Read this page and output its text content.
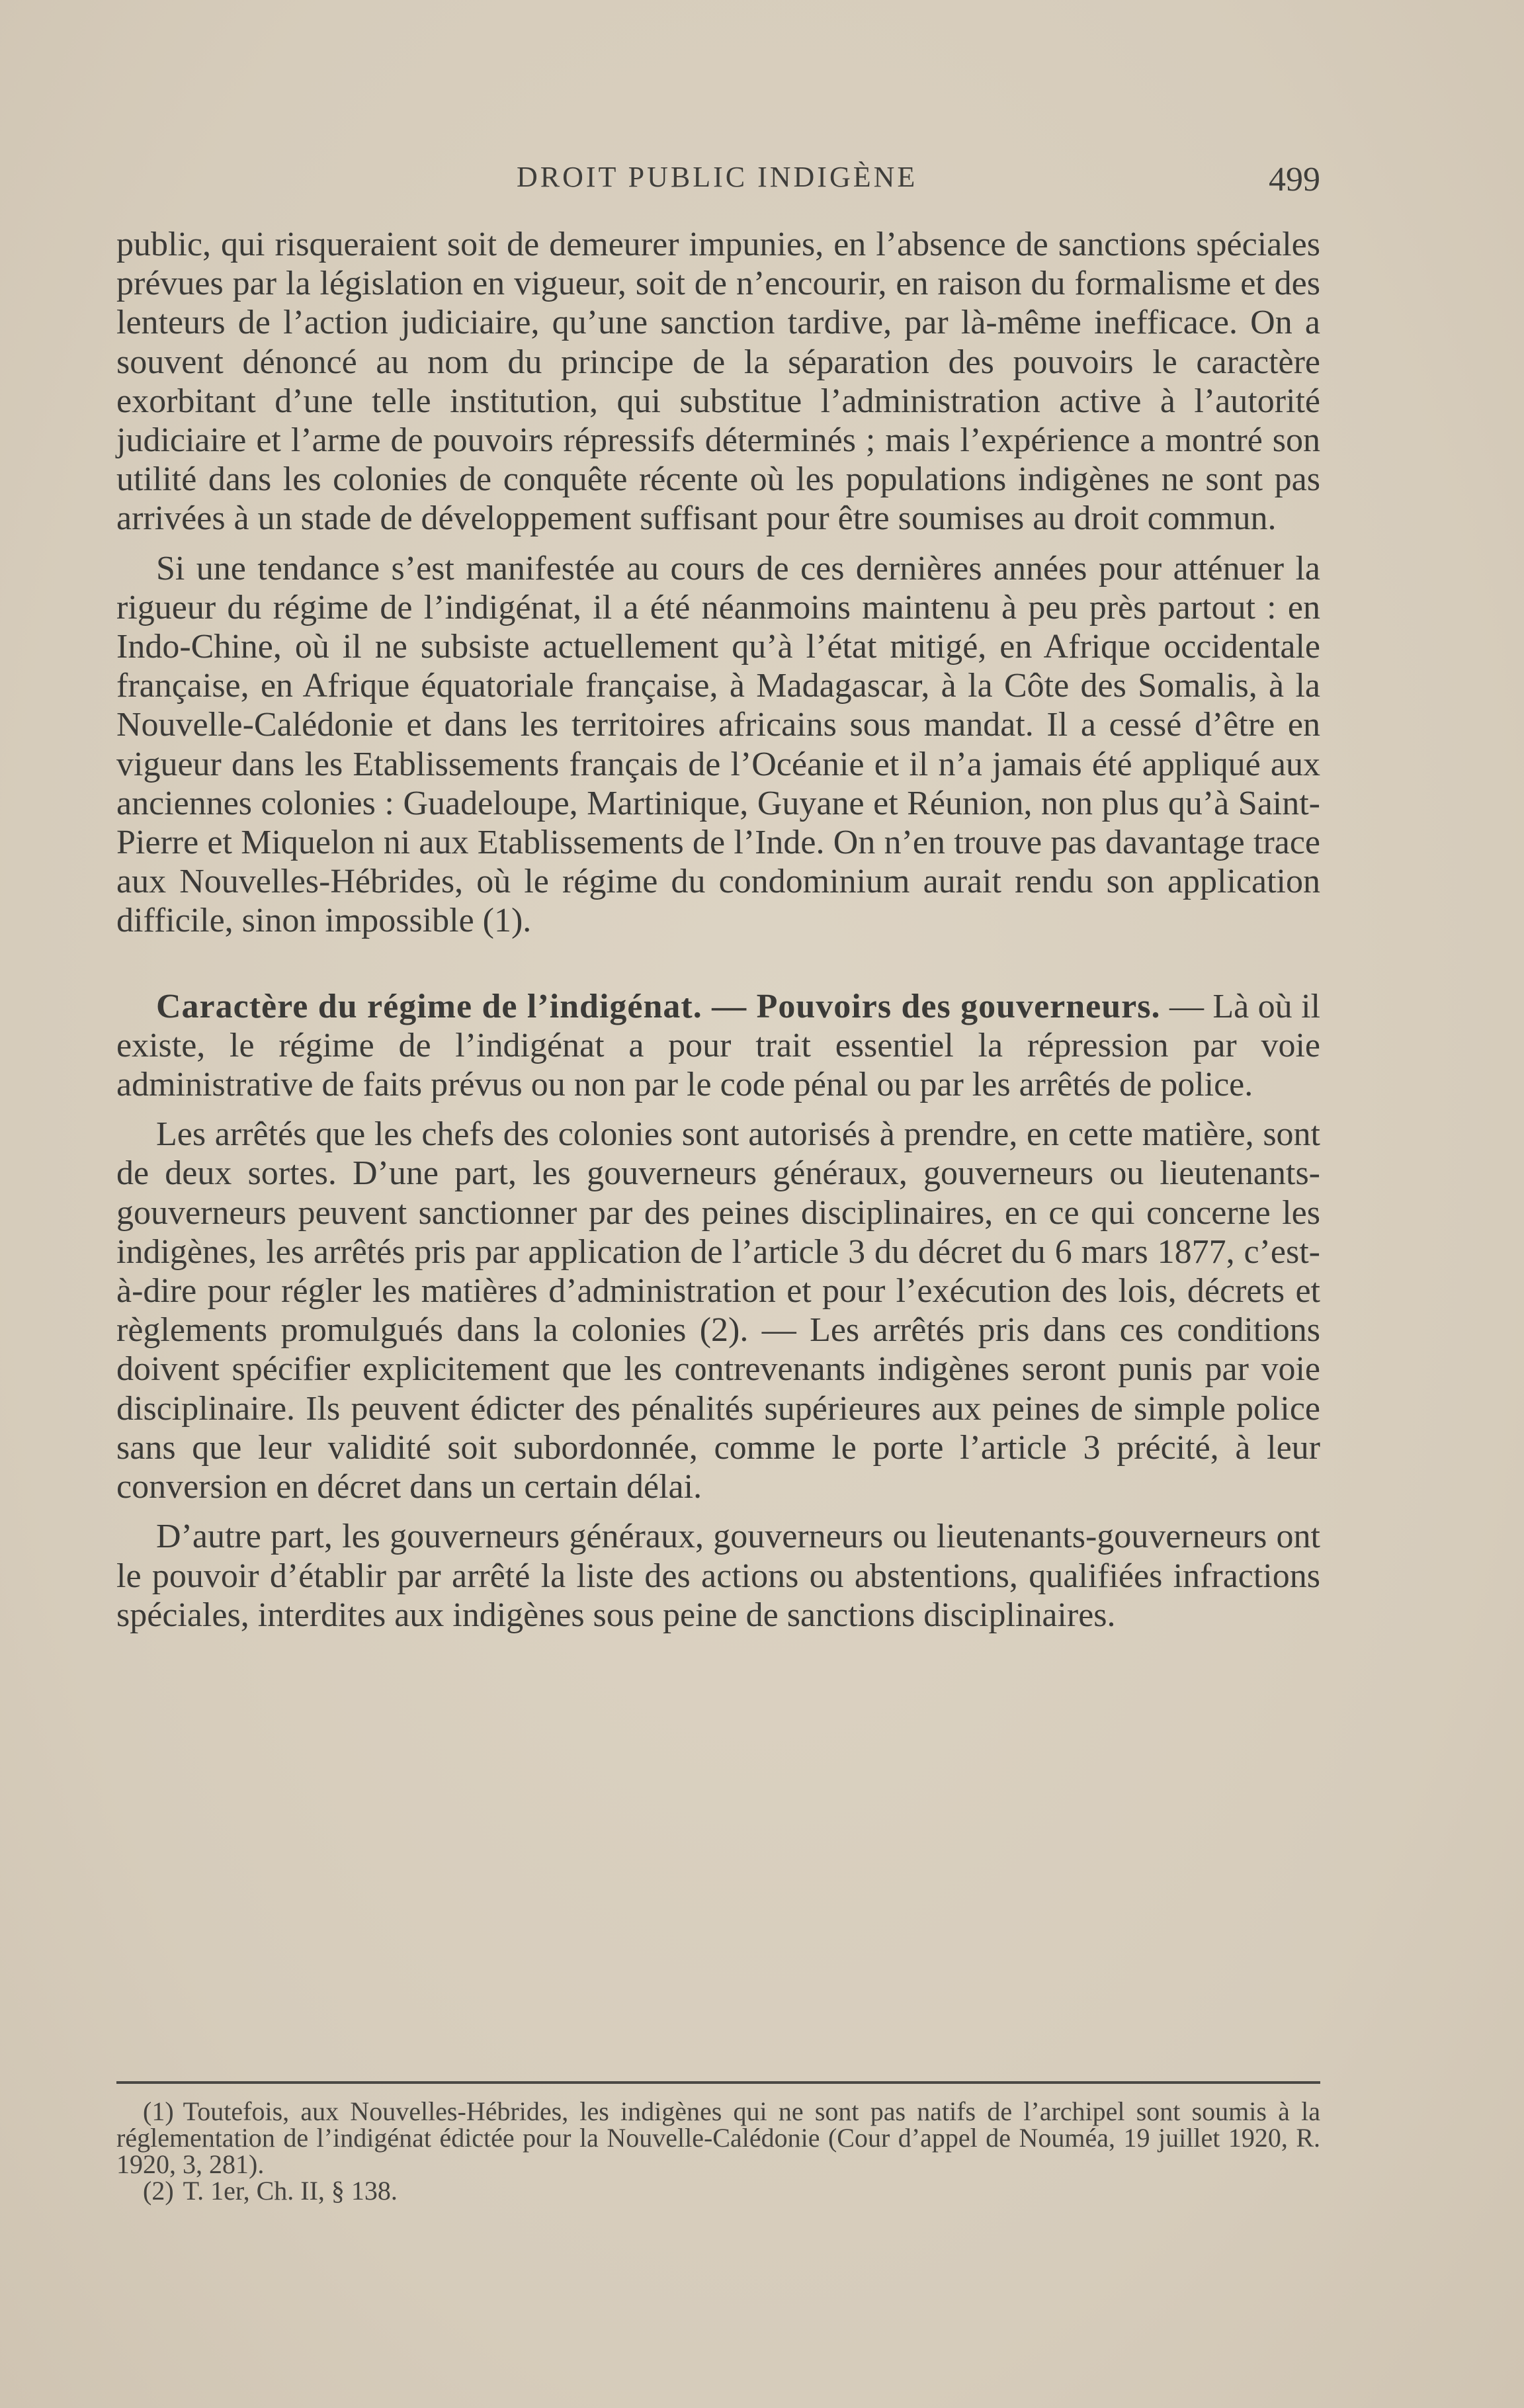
DROIT PUBLIC INDIGÈNE	499

public, qui risqueraient soit de demeurer impunies, en l’absence de sanctions spéciales prévues par la législation en vigueur, soit de n’encourir, en raison du formalisme et des lenteurs de l’action judiciaire, qu’une sanction tardive, par là-même inefficace. On a souvent dénoncé au nom du principe de la séparation des pouvoirs le caractère exorbitant d’une telle institution, qui substitue l’administration active à l’autorité judiciaire et l’arme de pouvoirs répressifs déterminés ; mais l’expérience a montré son utilité dans les colonies de conquête récente où les populations indigènes ne sont pas arrivées à un stade de développement suffisant pour être soumises au droit commun.

Si une tendance s’est manifestée au cours de ces dernières années pour atténuer la rigueur du régime de l’indigénat, il a été néanmoins maintenu à peu près partout : en Indo-Chine, où il ne subsiste actuellement qu’à l’état mitigé, en Afrique occidentale française, en Afrique équatoriale française, à Madagascar, à la Côte des Somalis, à la Nouvelle-Calédonie et dans les territoires africains sous mandat. Il a cessé d’être en vigueur dans les Etablissements français de l’Océanie et il n’a jamais été appliqué aux anciennes colonies : Guadeloupe, Martinique, Guyane et Réunion, non plus qu’à Saint-Pierre et Miquelon ni aux Etablissements de l’Inde. On n’en trouve pas davantage trace aux Nouvelles-Hébrides, où le régime du condominium aurait rendu son application difficile, sinon impossible (1).

Caractère du régime de l’indigénat. — Pouvoirs des gouverneurs. — Là où il existe, le régime de l’indigénat a pour trait essentiel la répression par voie administrative de faits prévus ou non par le code pénal ou par les arrêtés de police.

Les arrêtés que les chefs des colonies sont autorisés à prendre, en cette matière, sont de deux sortes. D’une part, les gouverneurs généraux, gouverneurs ou lieutenants-gouverneurs peuvent sanctionner par des peines disciplinaires, en ce qui concerne les indigènes, les arrêtés pris par application de l’article 3 du décret du 6 mars 1877, c’est-à-dire pour régler les matières d’administration et pour l’exécution des lois, décrets et règlements promulgués dans la colonies (2). — Les arrêtés pris dans ces conditions doivent spécifier explicitement que les contrevenants indigènes seront punis par voie disciplinaire. Ils peuvent édicter des pénalités supérieures aux peines de simple police sans que leur validité soit subordonnée, comme le porte l’article 3 précité, à leur conversion en décret dans un certain délai.

D’autre part, les gouverneurs généraux, gouverneurs ou lieutenants-gouverneurs ont le pouvoir d’établir par arrêté la liste des actions ou abstentions, qualifiées infractions spéciales, interdites aux indigènes sous peine de sanctions disciplinaires.

(1) Toutefois, aux Nouvelles-Hébrides, les indigènes qui ne sont pas natifs de l’archipel sont soumis à la réglementation de l’indigénat édictée pour la Nouvelle-Calédonie (Cour d’appel de Nouméa, 19 juillet 1920, R. 1920, 3, 281).

(2) T. 1er, Ch. II, § 138.
